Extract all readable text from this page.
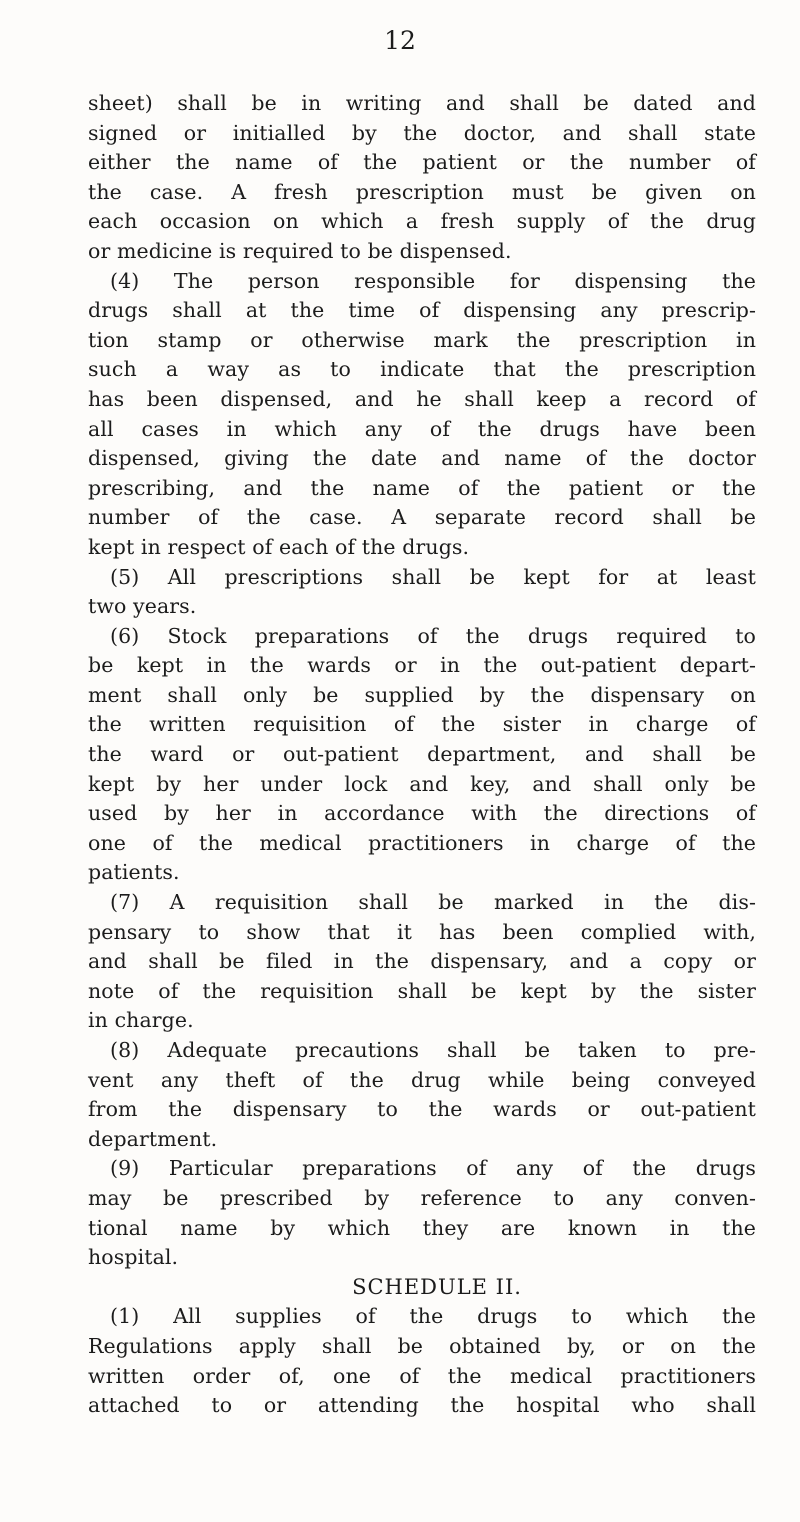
12
sheet) shall be in writing and shall be dated and
signed or initialled by the doctor, and shall state
either the name of the patient or the number of
the case. A fresh prescription must be given on
each occasion on which a fresh supply of the drug
or medicine is required to be dispensed.
(4) The person responsible for dispensing the
drugs shall at the time of dispensing any prescrip-
tion stamp or otherwise mark the prescription in
such a way as to indicate that the prescription
has been dispensed, and he shall keep a record of
all cases in which any of the drugs have been
dispensed, giving the date and name of the doctor
prescribing, and the name of the patient or the
number of the case. A separate record shall be
kept in respect of each of the drugs.
(5) All prescriptions shall be kept for at least
two years.
(6) Stock preparations of the drugs required to
be kept in the wards or in the out-patient depart-
ment shall only be supplied by the dispensary on
the written requisition of the sister in charge of
the ward or out-patient department, and shall be
kept by her under lock and key, and shall only be
used by her in accordance with the directions of
one of the medical practitioners in charge of the
patients.
(7) A requisition shall be marked in the dis-
pensary to show that it has been complied with,
and shall be filed in the dispensary, and a copy or
note of the requisition shall be kept by the sister
in charge.
(8) Adequate precautions shall be taken to pre-
vent any theft of the drug while being conveyed
from the dispensary to the wards or out-patient
department.
(9) Particular preparations of any of the drugs
may be prescribed by reference to any conven-
tional name by which they are known in the
hospital.
SCHEDULE II.
(1) All supplies of the drugs to which the
Regulations apply shall be obtained by, or on the
written order of, one of the medical practitioners
attached to or attending the hospital who shall
